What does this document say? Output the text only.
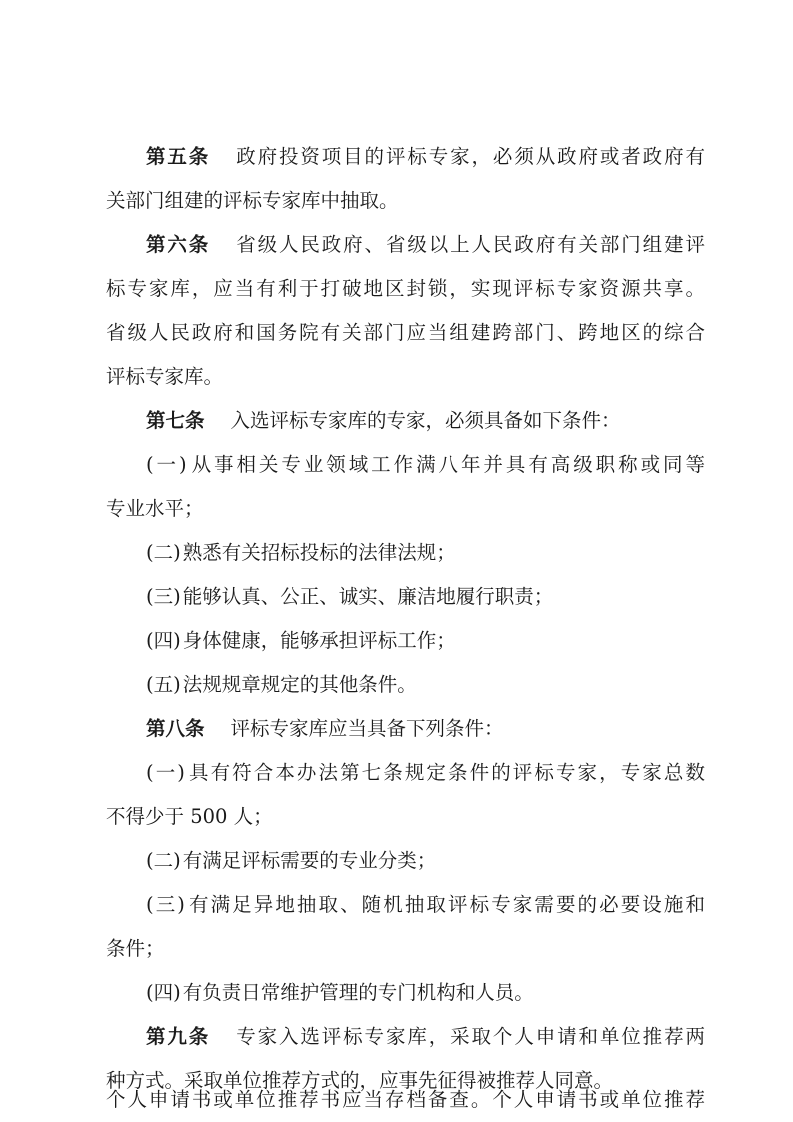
第五条 政府投资项目的评标专家，必须从政府或者政府有
关部门组建的评标专家库中抽取。
第六条 省级人民政府、省级以上人民政府有关部门组建评
标专家库，应当有利于打破地区封锁，实现评标专家资源共享。
省级人民政府和国务院有关部门应当组建跨部门、跨地区的综合
评标专家库。
第七条 入选评标专家库的专家，必须具备如下条件：
(一) 从事相关专业领域工作满八年并具有高级职称或同等
专业水平；
(二) 熟悉有关招标投标的法律法规；
(三) 能够认真、公正、诚实、廉洁地履行职责；
(四) 身体健康，能够承担评标工作；
(五) 法规规章规定的其他条件。
第八条 评标专家库应当具备下列条件：
(一) 具有符合本办法第七条规定条件的评标专家，专家总数
不得少于 500 人；
(二) 有满足评标需要的专业分类；
(三) 有满足异地抽取、随机抽取评标专家需要的必要设施和
条件；
(四) 有负责日常维护管理的专门机构和人员。
第九条 专家入选评标专家库，采取个人申请和单位推荐两
种方式。采取单位推荐方式的，应事先征得被推荐人同意。
个人申请书或单位推荐书应当存档备查。个人申请书或单位推荐
